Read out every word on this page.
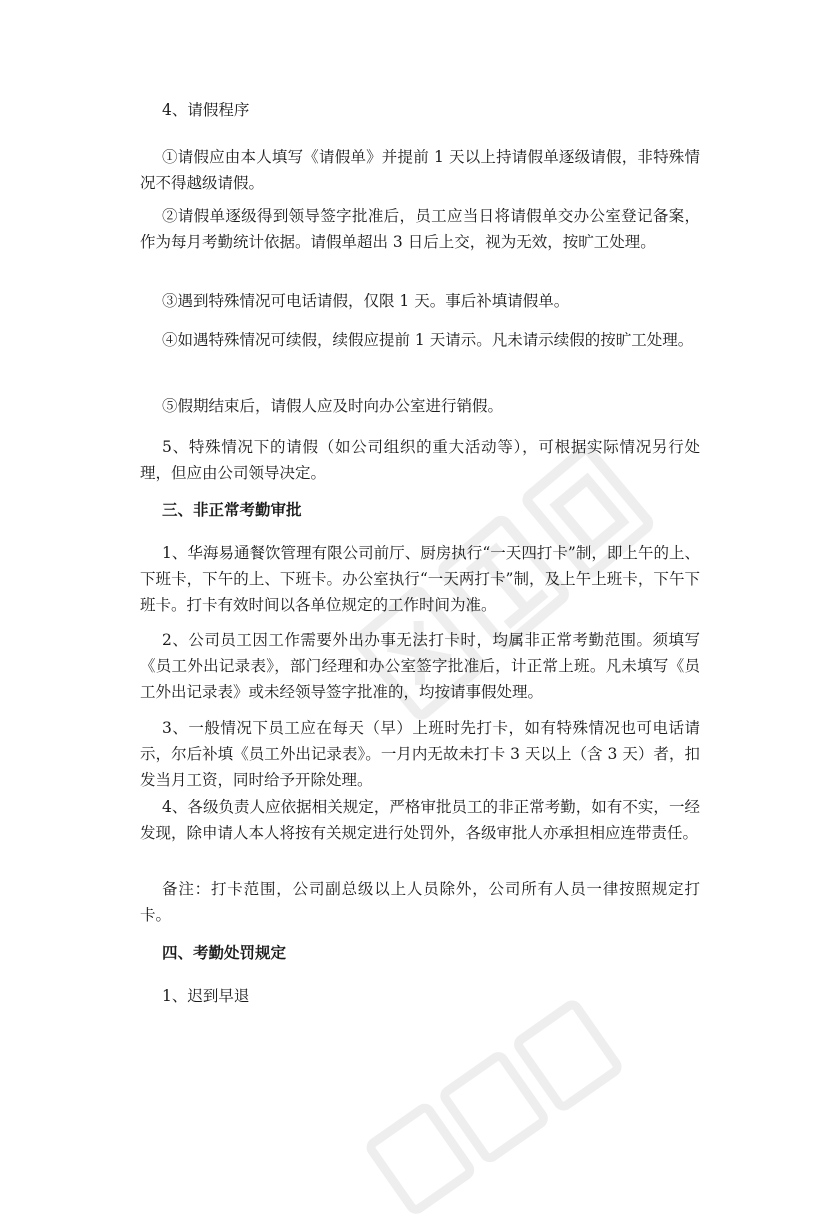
4、请假程序

①请假应由本人填写《请假单》并提前 1 天以上持请假单逐级请假，非特殊情况不得越级请假。

②请假单逐级得到领导签字批准后，员工应当日将请假单交办公室登记备案，作为每月考勤统计依据。请假单超出 3 日后上交，视为无效，按旷工处理。

③遇到特殊情况可电话请假，仅限 1 天。事后补填请假单。

④如遇特殊情况可续假，续假应提前 1 天请示。凡未请示续假的按旷工处理。

⑤假期结束后，请假人应及时向办公室进行销假。

5、特殊情况下的请假（如公司组织的重大活动等），可根据实际情况另行处理，但应由公司领导决定。

三、非正常考勤审批

1、华海易通餐饮管理有限公司前厅、厨房执行“一天四打卡”制，即上午的上、下班卡，下午的上、下班卡。办公室执行“一天两打卡”制，及上午上班卡，下午下班卡。打卡有效时间以各单位规定的工作时间为准。

2、公司员工因工作需要外出办事无法打卡时，均属非正常考勤范围。须填写《员工外出记录表》，部门经理和办公室签字批准后，计正常上班。凡未填写《员工外出记录表》或未经领导签字批准的，均按请事假处理。

3、一般情况下员工应在每天（早）上班时先打卡，如有特殊情况也可电话请示，尔后补填《员工外出记录表》。一月内无故未打卡 3 天以上（含 3 天）者，扣发当月工资，同时给予开除处理。

4、各级负责人应依据相关规定，严格审批员工的非正常考勤，如有不实，一经发现，除申请人本人将按有关规定进行处罚外，各级审批人亦承担相应连带责任。

备注：打卡范围，公司副总级以上人员除外，公司所有人员一律按照规定打卡。

四、考勤处罚规定

1、迟到早退
